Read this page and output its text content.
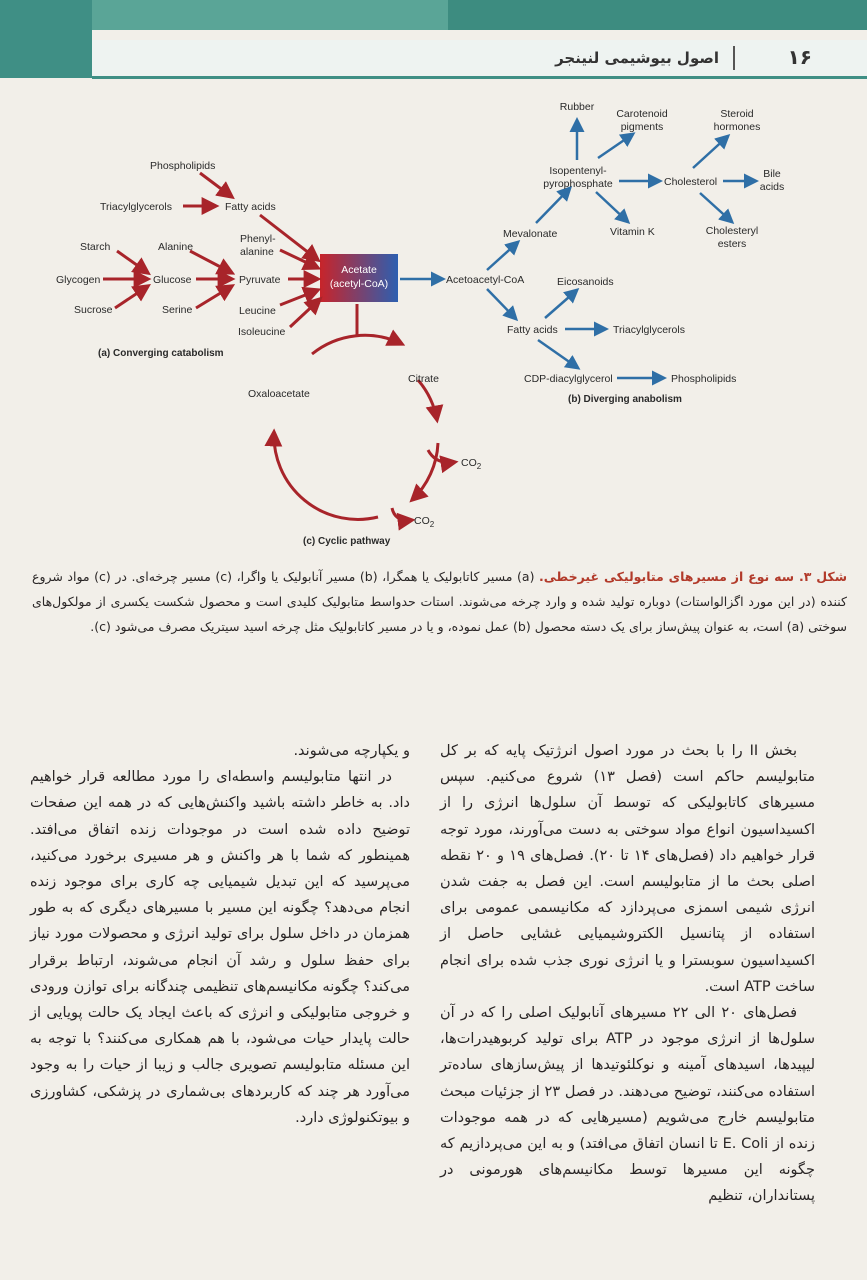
۱۶
اصول بیوشیمی لنینجر
Acetate
(acetyl-CoA)
Phospholipids
Triacylglycerols	Fatty acids
Starch
Glycogen
Sucrose
Alanine
Glucose
Serine
Phenyl-
alanine
Pyruvate
Leucine
Isoleucine
(a) Converging catabolism
Acetoacetyl-CoA
Mevalonate
Isopentenyl-
pyrophosphate
Rubber
Carotenoid
pigments
Vitamin K
Cholesterol
Steroid
hormones
Bile
acids
Cholesteryl
esters
Eicosanoids
Fatty acids	Triacylglycerols
CDP-diacylglycerol	Phospholipids
(b) Diverging anabolism
Oxaloacetate
Citrate
$CO_2$
$CO_2$
(c) Cyclic pathway
شکل ۳. سه نوع از مسیرهای متابولیکی غیرخطی. (a) مسیر کاتابولیک یا همگرا، (b) مسیر آنابولیک یا واگرا، (c) مسیر چرخه‌ای. در (c) مواد شروع کننده (در این مورد اگزالواستات) دوباره تولید شده و وارد چرخه می‌شوند. استات حدواسط متابولیک کلیدی است و محصول شکست یکسری از مولکول‌های سوختی (a) است، به عنوان پیش‌ساز برای یک دسته محصول (b) عمل نموده، و یا در مسیر کاتابولیک مثل چرخه اسید سیتریک مصرف می‌شود (c).

بخش II را با بحث در مورد اصول انرژتیک پایه که بر کل متابولیسم حاکم است (فصل ۱۳) شروع می‌کنیم. سپس مسیرهای کاتابولیکی که توسط آن سلول‌ها انرژی را از اکسیداسیون انواع مواد سوختی به دست می‌آورند، مورد توجه قرار خواهیم داد (فصل‌های ۱۴ تا ۲۰). فصل‌های ۱۹ و ۲۰ نقطه اصلی بحث ما از متابولیسم است. این فصل به جفت شدن انرژی شیمی اسمزی می‌پردازد که مکانیسمی عمومی برای استفاده از پتانسیل الکتروشیمیایی غشایی حاصل از اکسیداسیون سوبسترا و یا انرژی نوری جذب شده برای انجام ساخت ATP است.

فصل‌های ۲۰ الی ۲۲ مسیرهای آنابولیک اصلی را که در آن سلول‌ها از انرژی موجود در ATP برای تولید کربوهیدرات‌ها، لیپیدها، اسیدهای آمینه و نوکلئوتیدها از پیش‌سازهای ساده‌تر استفاده می‌کنند، توضیح می‌دهند. در فصل ۲۳ از جزئیات مبحث متابولیسم خارج می‌شویم (مسیرهایی که در همه موجودات زنده از E. Coli تا انسان اتفاق می‌افتد) و به این می‌پردازیم که چگونه این مسیرها توسط مکانیسم‌های هورمونی در پستانداران، تنظیم

و یکپارچه می‌شوند.

در انتها متابولیسم واسطه‌ای را مورد مطالعه قرار خواهیم داد. به خاطر داشته باشید واکنش‌هایی که در همه این صفحات توضیح داده شده است در موجودات زنده اتفاق می‌افتد. همینطور که شما با هر واکنش و هر مسیری برخورد می‌کنید، می‌پرسید که این تبدیل شیمیایی چه کاری برای موجود زنده انجام می‌دهد؟ چگونه این مسیر با مسیرهای دیگری که به طور همزمان در داخل سلول برای تولید انرژی و محصولات مورد نیاز برای حفظ سلول و رشد آن انجام می‌شوند، ارتباط برقرار می‌کند؟ چگونه مکانیسم‌های تنظیمی چندگانه برای توازن ورودی و خروجی متابولیکی و انرژی که باعث ایجاد یک حالت پویایی از حالت پایدار حیات می‌شود، با هم همکاری می‌کنند؟ با توجه به این مسئله متابولیسم تصویری جالب و زیبا از حیات را به وجود می‌آورد هر چند که کاربردهای بی‌شماری در پزشکی، کشاورزی و بیوتکنولوژی دارد.
